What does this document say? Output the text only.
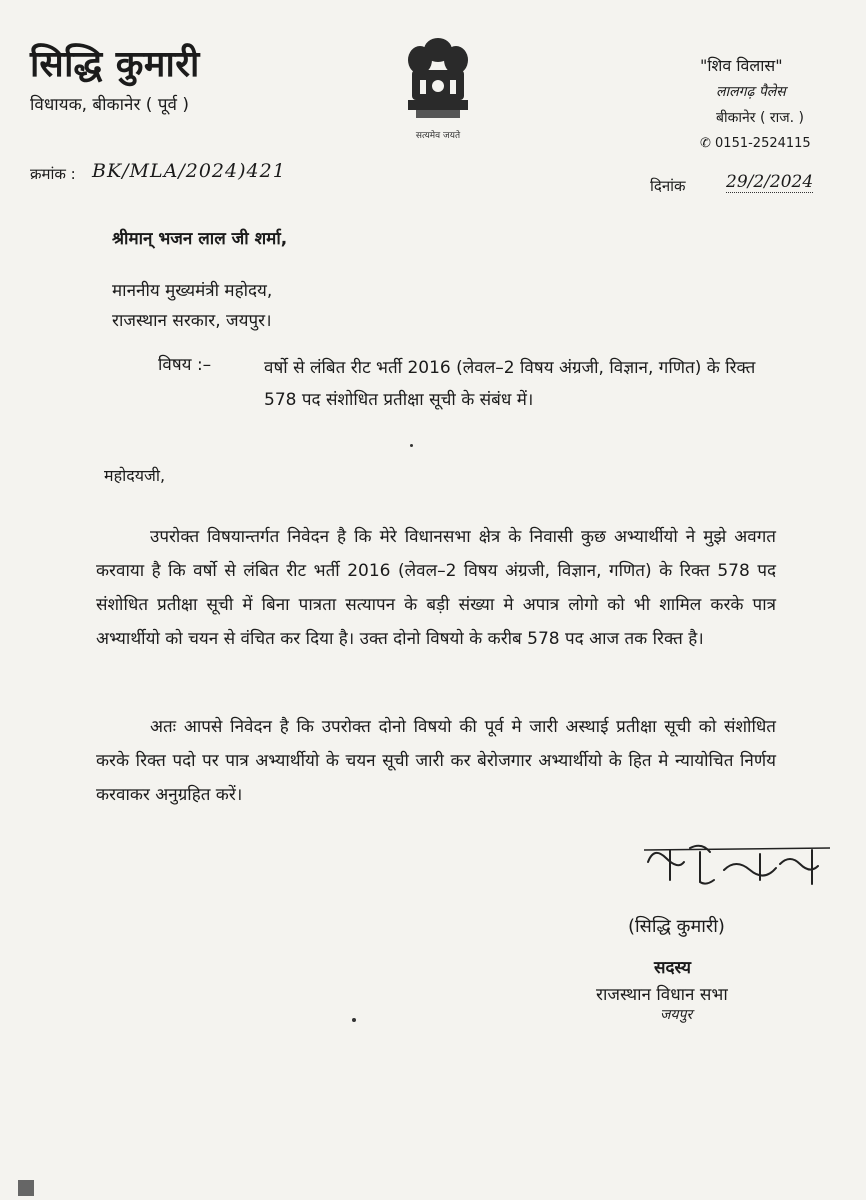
सिद्धि कुमारी
विधायक, बीकानेर ( पूर्व )
सत्यमेव जयते
"शिव विलास"
लालगढ़ पैलेस
बीकानेर ( राज. )
✆ 0151-2524115
क्रमांक : BK/MLA/2024)421
दिनांक 29/2/2024
श्रीमान् भजन लाल जी शर्मा,
माननीय मुख्यमंत्री महोदय,
राजस्थान सरकार, जयपुर।
विषय :–	वर्षो से लंबित रीट भर्ती 2016 (लेवल–2 विषय अंग्रजी, विज्ञान, गणित) के रिक्त 578 पद संशोधित प्रतीक्षा सूची के संबंध में।
महोदयजी,
उपरोक्त विषयान्तर्गत निवेदन है कि मेरे विधानसभा क्षेत्र के निवासी कुछ अभ्यार्थीयो ने मुझे अवगत करवाया है कि वर्षो से लंबित रीट भर्ती 2016 (लेवल–2 विषय अंग्रजी, विज्ञान, गणित) के रिक्त 578 पद संशोधित प्रतीक्षा सूची में बिना पात्रता सत्यापन के बड़ी संख्या मे अपात्र लोगो को भी शामिल करके पात्र अभ्यार्थीयो को चयन से वंचित कर दिया है। उक्त दोनो विषयो के करीब 578 पद आज तक रिक्त है।
अतः आपसे निवेदन है कि उपरोक्त दोनो विषयो की पूर्व मे जारी अस्थाई प्रतीक्षा सूची को संशोधित करके रिक्त पदो पर पात्र अभ्यार्थीयो के चयन सूची जारी कर बेरोजगार अभ्यार्थीयो के हित मे न्यायोचित निर्णय करवाकर अनुग्रहित करें।
(सिद्धि कुमारी)
सदस्य
राजस्थान विधान सभा
जयपुर
